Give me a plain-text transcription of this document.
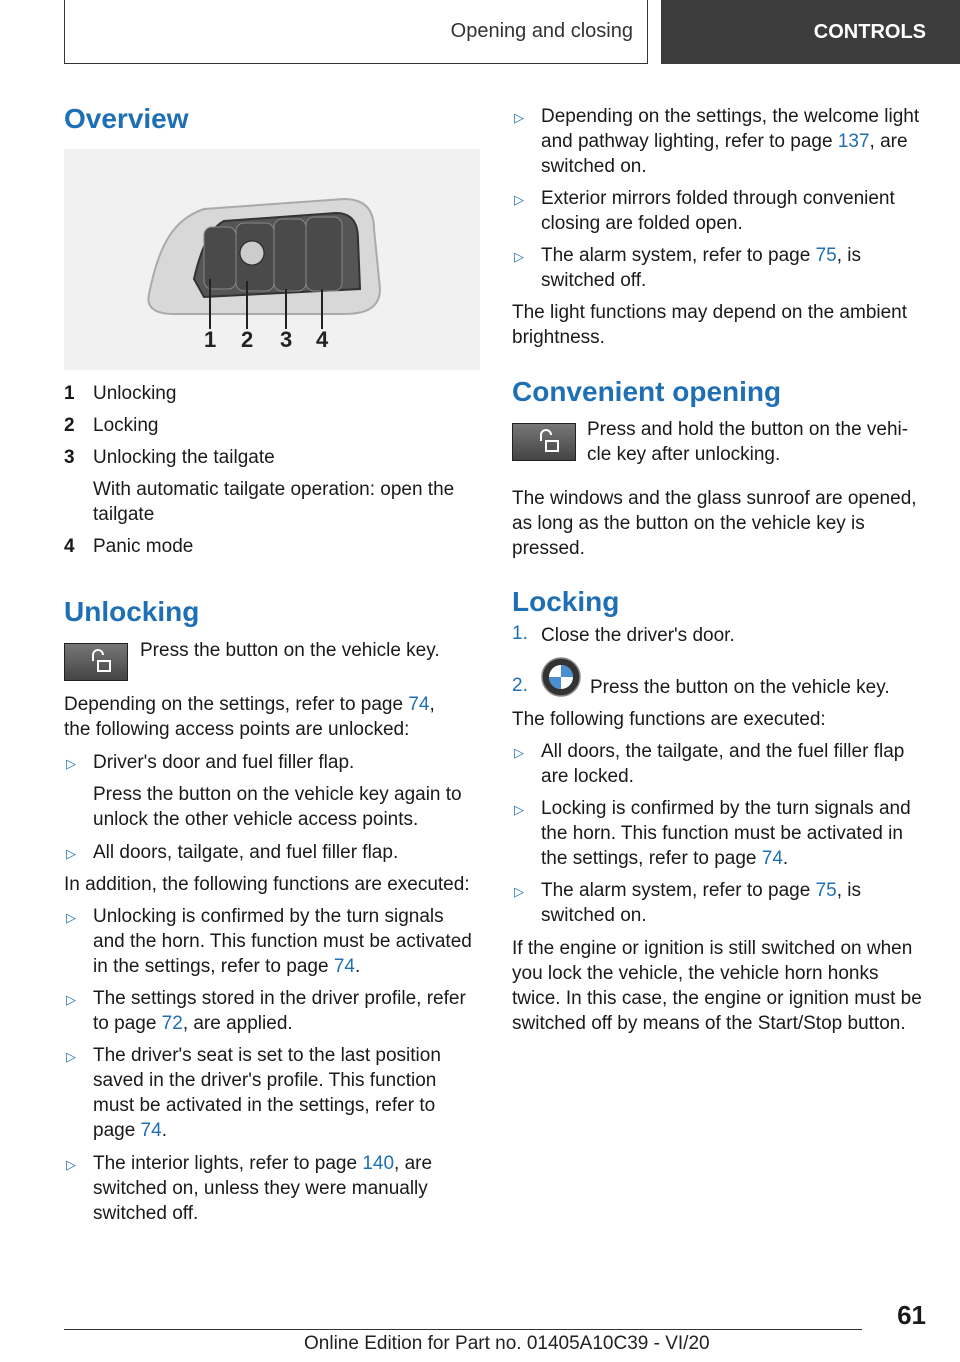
Opening and closing	CONTROLS
Overview
1 2 3 4
1 Unlocking

2 Locking

3 Unlocking the tailgate

With automatic tailgate operation: open the

tailgate

4 Panic mode

Unlocking

Press the button on the vehicle key.

Depending on the settings, refer to page 74,

the following access points are unlocked:

▷ Driver's door and fuel filler flap.

Press the button on the vehicle key again to

unlock the other vehicle access points.

▷ All doors, tailgate, and fuel filler flap.

In addition, the following functions are executed:

▷ Unlocking is confirmed by the turn signals

and the horn. This function must be activated

in the settings, refer to page 74.

▷ The settings stored in the driver profile, refer

to page 72, are applied.

▷ The driver's seat is set to the last position

saved in the driver's profile. This function

must be activated in the settings, refer to

page 74.

▷ The interior lights, refer to page 140, are

switched on, unless they were manually

switched off.

▷ Depending on the settings, the welcome light

and pathway lighting, refer to page 137, are

switched on.

▷ Exterior mirrors folded through convenient

closing are folded open.

▷ The alarm system, refer to page 75, is

switched off.

The light functions may depend on the ambient

brightness.

Convenient opening

Press and hold the button on the vehi-

cle key after unlocking.

The windows and the glass sunroof are opened,

as long as the button on the vehicle key is

pressed.

Locking
1. Close the driver's door.

2.	Press the button on the vehicle key.

The following functions are executed:

▷ All doors, the tailgate, and the fuel filler flap

are locked.

▷ Locking is confirmed by the turn signals and

the horn. This function must be activated in

the settings, refer to page 74.

▷ The alarm system, refer to page 75, is

switched on.

If the engine or ignition is still switched on when

you lock the vehicle, the vehicle horn honks

twice. In this case, the engine or ignition must be

switched off by means of the Start/Stop button.

61
Online Edition for Part no. 01405A10C39 - VI/20
